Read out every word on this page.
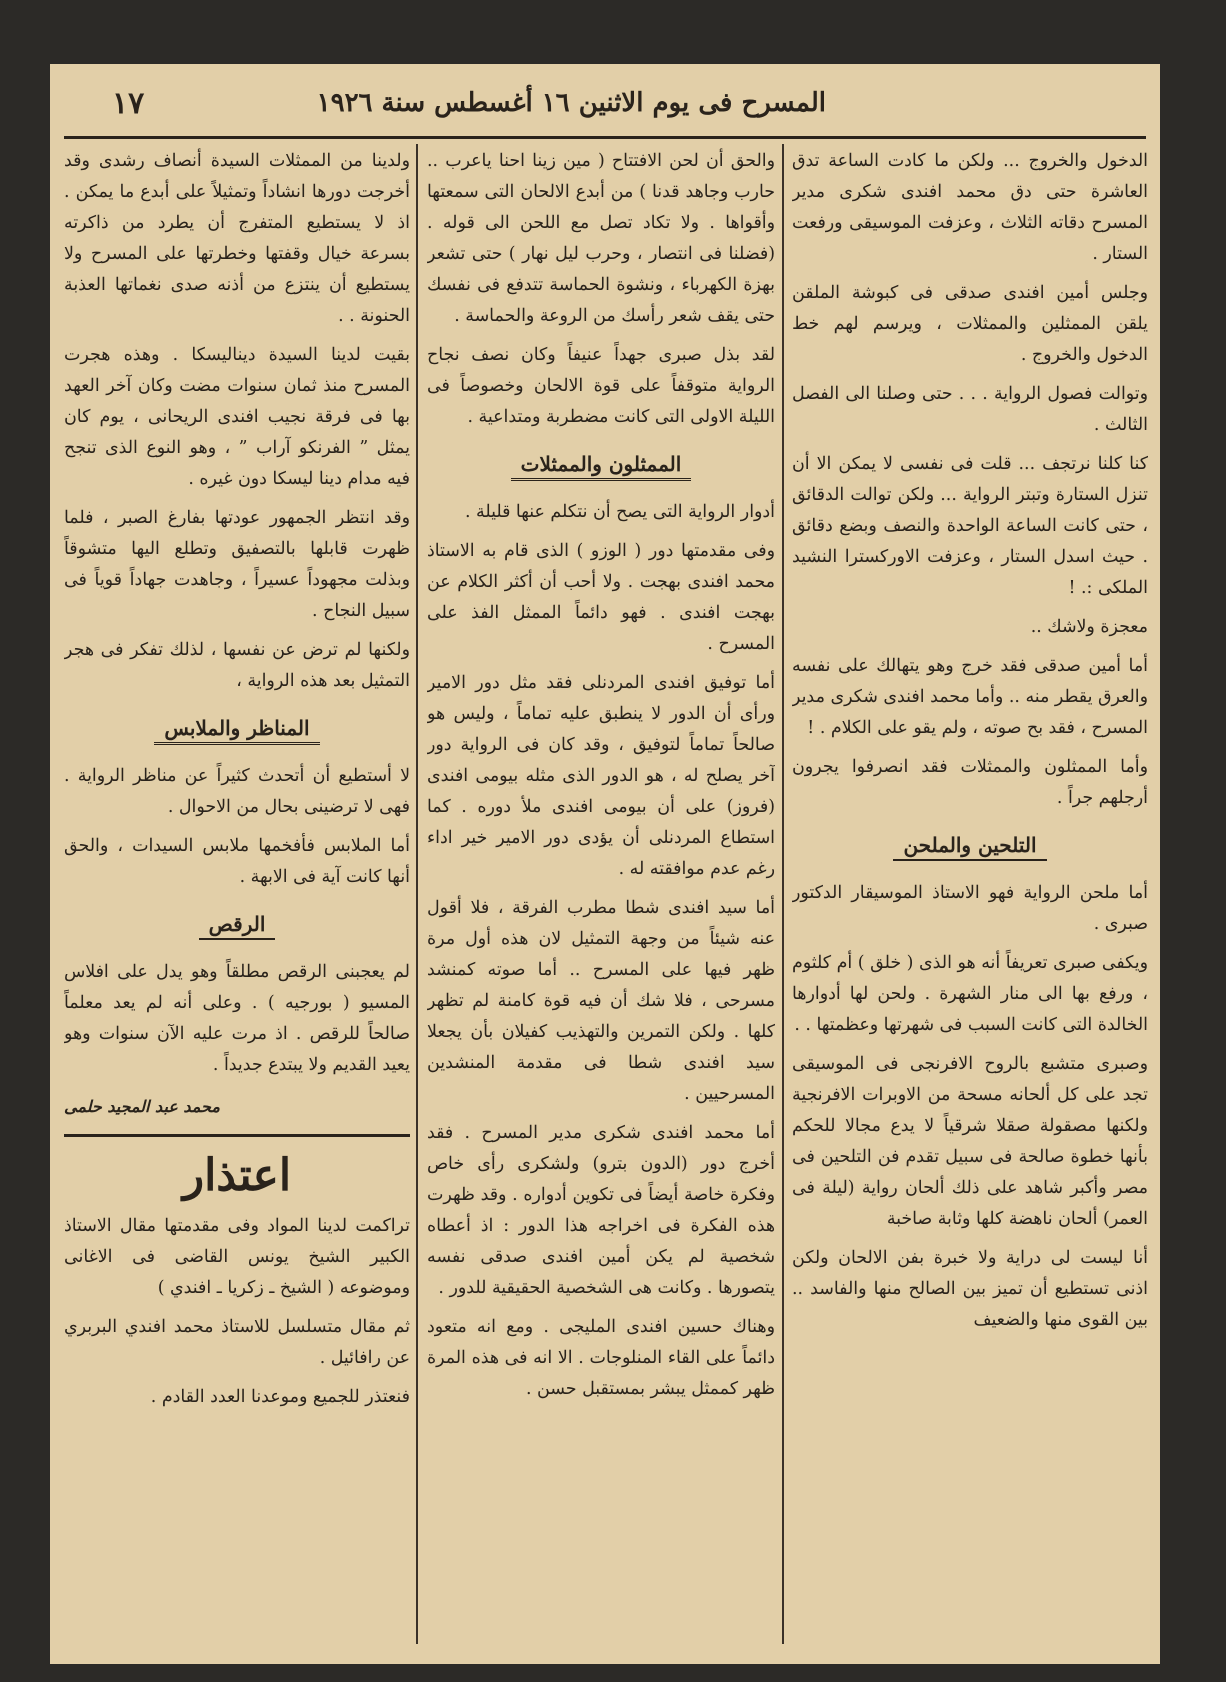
المسرح فى يوم الاثنين ١٦ أغسطس سنة ١٩٢٦
١٧

الدخول والخروج ... ولكن ما كادت الساعة تدق العاشرة حتى دق محمد افندى شكرى مدير المسرح دقاته الثلاث ، وعزفت الموسيقى ورفعت الستار .

وجلس أمين افندى صدقى فى كبوشة الملقن يلقن الممثلين والممثلات ، ويرسم لهم خط الدخول والخروج .

وتوالت فصول الرواية . . . حتى وصلنا الى الفصل الثالث .

كنا كلنا نرتجف ... قلت فى نفسى لا يمكن الا أن تنزل الستارة وتبتر الرواية ... ولكن توالت الدقائق ، حتى كانت الساعة الواحدة والنصف وبضع دقائق . حيث اسدل الستار ، وعزفت الاوركسترا النشيد الملكى :. !

معجزة ولاشك ..

أما أمين صدقى فقد خرج وهو يتهالك على نفسه والعرق يقطر منه .. وأما محمد افندى شكرى مدير المسرح ، فقد بح صوته ، ولم يقو على الكلام . !

وأما الممثلون والممثلات فقد انصرفوا يجرون أرجلهم جراً .

التلحين والملحن

أما ملحن الرواية فهو الاستاذ الموسيقار الدكتور صبرى .

ويكفى صبرى تعريفاً أنه هو الذى ( خلق ) أم كلثوم ، ورفع بها الى منار الشهرة . ولحن لها أدوارها الخالدة التى كانت السبب فى شهرتها وعظمتها . .

وصبرى متشبع بالروح الافرنجى فى الموسيقى تجد على كل ألحانه مسحة من الاوبرات الافرنجية ولكنها مصقولة صقلا شرقياً لا يدع مجالا للحكم بأنها خطوة صالحة فى سبيل تقدم فن التلحين فى مصر وأكبر شاهد على ذلك ألحان رواية (ليلة فى العمر) ألحان ناهضة كلها وثابة صاخبة

أنا ليست لى دراية ولا خبرة بفن الالحان ولكن اذنى تستطيع أن تميز بين الصالح منها والفاسد .. بين القوى منها والضعيف

والحق أن لحن الافتتاح ( مين زينا احنا ياعرب .. حارب وجاهد قدنا ) من أبدع الالحان التى سمعتها وأقواها . ولا تكاد تصل مع اللحن الى قوله . (فضلنا فى انتصار ، وحرب ليل نهار ) حتى تشعر بهزة الكهرباء ، ونشوة الحماسة تتدفع فى نفسك حتى يقف شعر رأسك من الروعة والحماسة .

لقد بذل صبرى جهداً عنيفاً وكان نصف نجاح الرواية متوقفاً على قوة الالحان وخصوصاً فى الليلة الاولى التى كانت مضطربة ومتداعية .

الممثلون والممثلات

أدوار الرواية التى يصح أن نتكلم عنها قليلة .

وفى مقدمتها دور ( الوزو ) الذى قام به الاستاذ محمد افندى بهجت . ولا أحب أن أكثر الكلام عن بهجت افندى . فهو دائماً الممثل الفذ على المسرح .

أما توفيق افندى المردنلى فقد مثل دور الامير ورأى أن الدور لا ينطبق عليه تماماً ، وليس هو صالحاً تماماً لتوفيق ، وقد كان فى الرواية دور آخر يصلح له ، هو الدور الذى مثله بيومى افندى (فروز) على أن بيومى افندى ملأ دوره . كما استطاع المردنلى أن يؤدى دور الامير خير اداء رغم عدم موافقته له .

أما سيد افندى شطا مطرب الفرقة ، فلا أقول عنه شيئاً من وجهة التمثيل لان هذه أول مرة ظهر فيها على المسرح .. أما صوته كمنشد مسرحى ، فلا شك أن فيه قوة كامنة لم تظهر كلها . ولكن التمرين والتهذيب كفيلان بأن يجعلا سيد افندى شطا فى مقدمة المنشدين المسرحيين .

أما محمد افندى شكرى مدير المسرح . فقد أخرج دور (الدون بترو) ولشكرى رأى خاص وفكرة خاصة أيضاً فى تكوين أدواره . وقد ظهرت هذه الفكرة فى اخراجه هذا الدور : اذ أعطاه شخصية لم يكن أمين افندى صدقى نفسه يتصورها . وكانت هى الشخصية الحقيقية للدور .

وهناك حسين افندى المليجى . ومع انه متعود دائماً على القاء المنلوجات . الا انه فى هذه المرة ظهر كممثل يبشر بمستقبل حسن .

ولدينا من الممثلات السيدة أنصاف رشدى وقد أخرجت دورها انشاداً وتمثيلاً على أبدع ما يمكن . اذ لا يستطيع المتفرج أن يطرد من ذاكرته بسرعة خيال وقفتها وخطرتها على المسرح ولا يستطيع أن ينتزع من أذنه صدى نغماتها العذبة الحنونة . .

بقيت لدينا السيدة ديناليسكا . وهذه هجرت المسرح منذ ثمان سنوات مضت وكان آخر العهد بها فى فرقة نجيب افندى الريحانى ، يوم كان يمثل ” الفرنكو آراب ” ، وهو النوع الذى تنجح فيه مدام دينا ليسكا دون غيره .

وقد انتظر الجمهور عودتها بفارغ الصبر ، فلما ظهرت قابلها بالتصفيق وتطلع اليها متشوقاً وبذلت مجهوداً عسيراً ، وجاهدت جهاداً قوياً فى سبيل النجاح .

ولكنها لم ترض عن نفسها ، لذلك تفكر فى هجر التمثيل بعد هذه الرواية ،

المناظر والملابس

لا أستطيع أن أتحدث كثيراً عن مناظر الرواية . فهى لا ترضينى بحال من الاحوال .

أما الملابس فأفخمها ملابس السيدات ، والحق أنها كانت آية فى الابهة .

الرقص

لم يعجبنى الرقص مطلقاً وهو يدل على افلاس المسيو ( بورجيه ) . وعلى أنه لم يعد معلماً صالحاً للرقص . اذ مرت عليه الآن سنوات وهو يعيد القديم ولا يبتدع جديداً .

محمد عبد المجيد حلمى
اعتذار

تراكمت لدينا المواد وفى مقدمتها مقال الاستاذ الكبير الشيخ يونس القاضى فى الاغانى وموضوعه ( الشيخ ـ زكريا ـ افندي )

ثم مقال متسلسل للاستاذ محمد افندي البربري عن رافائيل .

فنعتذر للجميع وموعدنا العدد القادم .
